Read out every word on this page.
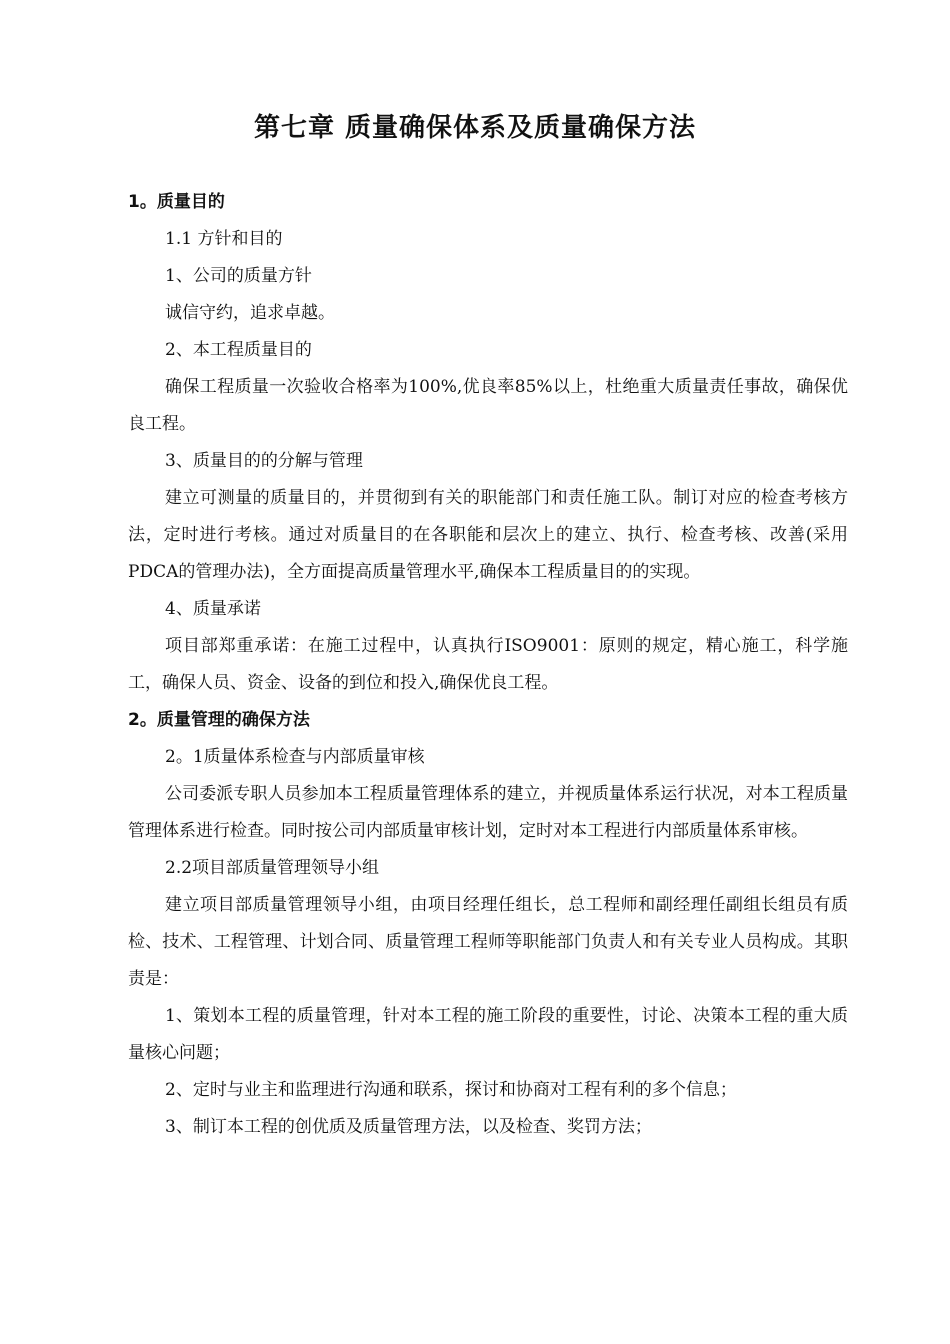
第七章 质量确保体系及质量确保方法

1。质量目的

1.1 方针和目的

1、公司的质量方针

诚信守约，追求卓越。

2、本工程质量目的

确保工程质量一次验收合格率为100%,优良率85%以上，杜绝重大质量责任事故，确保优良工程。

3、质量目的的分解与管理

建立可测量的质量目的，并贯彻到有关的职能部门和责任施工队。制订对应的检查考核方法，定时进行考核。通过对质量目的在各职能和层次上的建立、执行、检查考核、改善(采用PDCA的管理办法)，全方面提高质量管理水平,确保本工程质量目的的实现。

4、质量承诺

项目部郑重承诺：在施工过程中，认真执行ISO9001：原则的规定，精心施工，科学施工，确保人员、资金、设备的到位和投入,确保优良工程。

2。质量管理的确保方法

2。1质量体系检查与内部质量审核

公司委派专职人员参加本工程质量管理体系的建立，并视质量体系运行状况，对本工程质量管理体系进行检查。同时按公司内部质量审核计划，定时对本工程进行内部质量体系审核。

2.2项目部质量管理领导小组

建立项目部质量管理领导小组，由项目经理任组长，总工程师和副经理任副组长组员有质检、技术、工程管理、计划合同、质量管理工程师等职能部门负责人和有关专业人员构成。其职责是：

1、策划本工程的质量管理，针对本工程的施工阶段的重要性，讨论、决策本工程的重大质量核心问题；

2、定时与业主和监理进行沟通和联系，探讨和协商对工程有利的多个信息；

3、制订本工程的创优质及质量管理方法，以及检查、奖罚方法；
